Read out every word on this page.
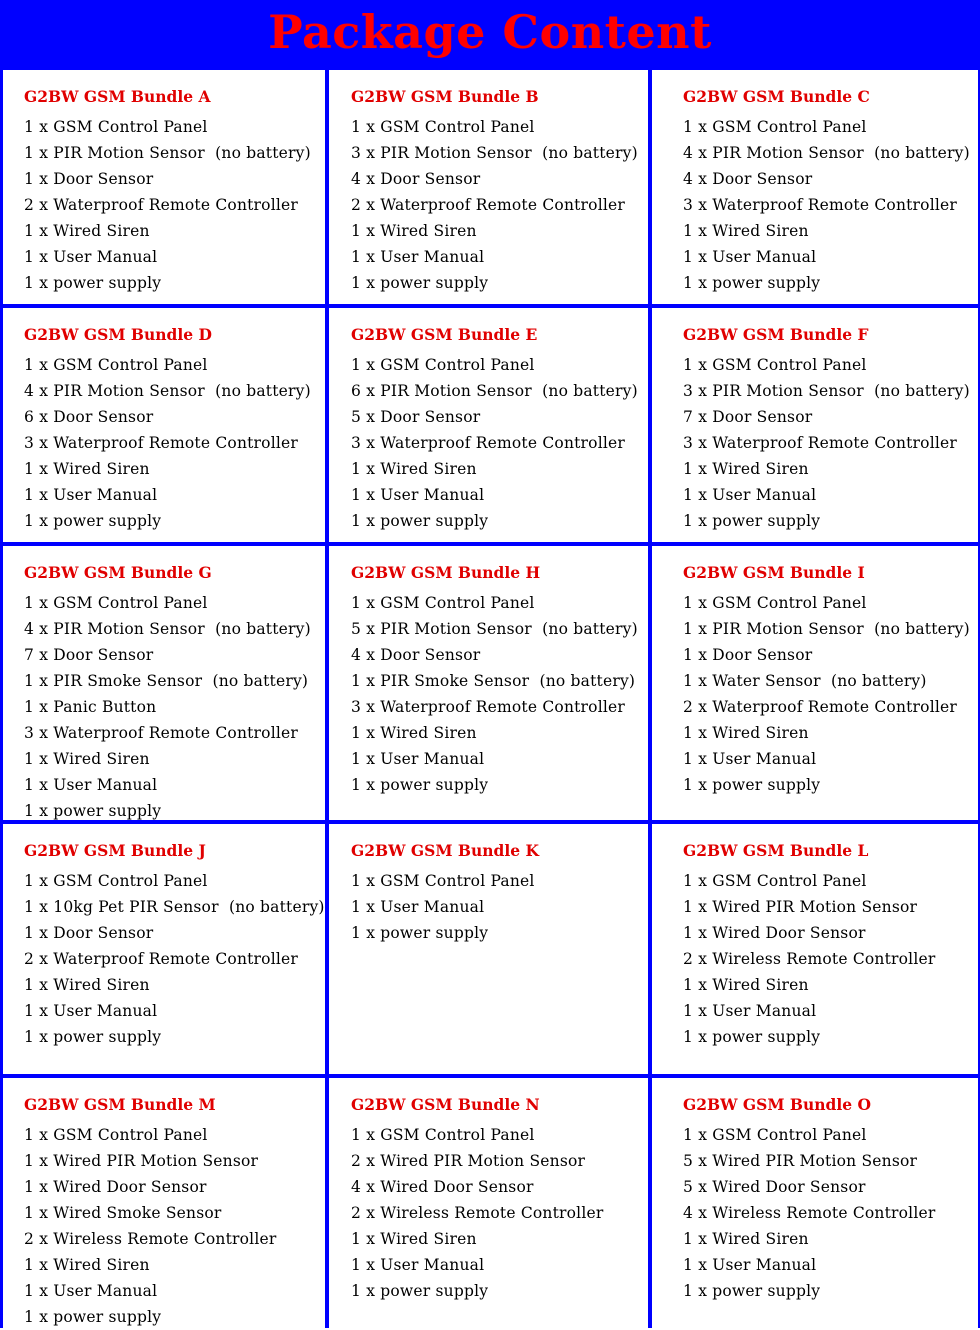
Package Content
G2BW GSM Bundle A
1 x GSM Control Panel
1 x PIR Motion Sensor  (no battery)
1 x Door Sensor
2 x Waterproof Remote Controller
1 x Wired Siren
1 x User Manual
1 x power supply
G2BW GSM Bundle B
1 x GSM Control Panel
3 x PIR Motion Sensor  (no battery)
4 x Door Sensor
2 x Waterproof Remote Controller
1 x Wired Siren
1 x User Manual
1 x power supply
G2BW GSM Bundle C
1 x GSM Control Panel
4 x PIR Motion Sensor  (no battery)
4 x Door Sensor
3 x Waterproof Remote Controller
1 x Wired Siren
1 x User Manual
1 x power supply
G2BW GSM Bundle D
1 x GSM Control Panel
4 x PIR Motion Sensor  (no battery)
6 x Door Sensor
3 x Waterproof Remote Controller
1 x Wired Siren
1 x User Manual
1 x power supply
G2BW GSM Bundle E
1 x GSM Control Panel
6 x PIR Motion Sensor  (no battery)
5 x Door Sensor
3 x Waterproof Remote Controller
1 x Wired Siren
1 x User Manual
1 x power supply
G2BW GSM Bundle F
1 x GSM Control Panel
3 x PIR Motion Sensor  (no battery)
7 x Door Sensor
3 x Waterproof Remote Controller
1 x Wired Siren
1 x User Manual
1 x power supply
G2BW GSM Bundle G
1 x GSM Control Panel
4 x PIR Motion Sensor  (no battery)
7 x Door Sensor
1 x PIR Smoke Sensor  (no battery)
1 x Panic Button
3 x Waterproof Remote Controller
1 x Wired Siren
1 x User Manual
1 x power supply
G2BW GSM Bundle H
1 x GSM Control Panel
5 x PIR Motion Sensor  (no battery)
4 x Door Sensor
1 x PIR Smoke Sensor  (no battery)
3 x Waterproof Remote Controller
1 x Wired Siren
1 x User Manual
1 x power supply
G2BW GSM Bundle I
1 x GSM Control Panel
1 x PIR Motion Sensor  (no battery)
1 x Door Sensor
1 x Water Sensor  (no battery)
2 x Waterproof Remote Controller
1 x Wired Siren
1 x User Manual
1 x power supply
G2BW GSM Bundle J
1 x GSM Control Panel
1 x 10kg Pet PIR Sensor  (no battery)
1 x Door Sensor
2 x Waterproof Remote Controller
1 x Wired Siren
1 x User Manual
1 x power supply
G2BW GSM Bundle K
1 x GSM Control Panel
1 x User Manual
1 x power supply
G2BW GSM Bundle L
1 x GSM Control Panel
1 x Wired PIR Motion Sensor
1 x Wired Door Sensor
2 x Wireless Remote Controller
1 x Wired Siren
1 x User Manual
1 x power supply
G2BW GSM Bundle M
1 x GSM Control Panel
1 x Wired PIR Motion Sensor
1 x Wired Door Sensor
1 x Wired Smoke Sensor
2 x Wireless Remote Controller
1 x Wired Siren
1 x User Manual
1 x power supply
G2BW GSM Bundle N
1 x GSM Control Panel
2 x Wired PIR Motion Sensor
4 x Wired Door Sensor
2 x Wireless Remote Controller
1 x Wired Siren
1 x User Manual
1 x power supply
G2BW GSM Bundle O
1 x GSM Control Panel
5 x Wired PIR Motion Sensor
5 x Wired Door Sensor
4 x Wireless Remote Controller
1 x Wired Siren
1 x User Manual
1 x power supply
